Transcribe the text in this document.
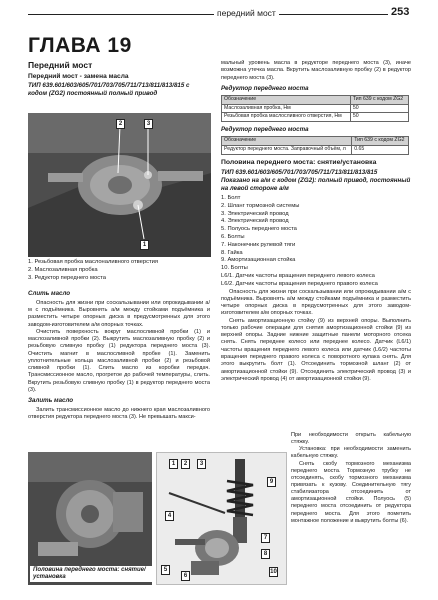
передний мост	253
ГЛАВА 19
Передний мост
Передний мост - замена масла
ТИП 639.601/603/605/701/703/705/711/713/811/813/815 с кодом (ZG2) постоянный полный привод
2	3
1
1. Резьбовая пробка маслоналивного отверстия
2. Маслозаливная пробка
3. Редуктор переднего моста
Слить масло

Опасность для жизни при соскальзывании или опрокидывании а/м с подъёмника. Выровнять а/м между стойками подъёмника и разместить четыре опорных диска в предусмотренных для этого заводом-изготовителем а/м опорных точках.

Очистить поверхность вокруг маслосливной пробки (1) и маслозаливной пробки (2). Выкрутить маслозаливную пробку (2) и резьбовую сливную пробку (1) редуктора переднего моста (3). Очистить магнит в маслосливной пробке (1). Заменить уплотнительные кольца маслозаливной пробки (2) и резьбовой сливной пробки (1). Слить масло из коробки передач. Трансмиссионное масло, прогретое до рабочей температуры, слить. Вкрутить резьбовую сливную пробку (1) в редуктор переднего моста (3).

Залить масло

Залить трансмиссионное масло до нижнего края маслозаливного отверстия редуктора переднего моста (3). Не превышать макси-

мальный уровень масла в редукторе переднего моста (3), иначе возможна утечка масла. Вкрутить маслозаливную пробку (2) в редуктор переднего моста (3).

Редуктор переднего моста
Обозначение	Тип 639 с кодом ZG2
Маслозаливная пробка, Нм	50
Резьбовая пробка маслосливного отверстия, Нм	50
Редуктор переднего моста
Обозначение	Тип 639 с кодом ZG2
Редуктор переднего моста. Заправочный объём, л	0.65
Половина переднего моста: снятие/установка
ТИП 639.601/603/605/701/703/705/711/713/811/813/815
Показано на а/м с кодом (ZG2): полный привод, постоянный на левой стороне а/м
1. Болт
2. Шланг тормозной системы
3. Электрический провод
4. Электрический провод
5. Полуось переднего моста
6. Болты
7. Наконечник рулевой тяги
8. Гайка
9. Амортизационная стойка
10. Болты
L6/1. Датчик частоты вращения переднего левого колеса
L6/2. Датчик частоты вращения переднего правого колеса

Опасность для жизни при соскальзывании или опрокидывании а/м с подъёмника. Выровнять а/м между стойками подъёмника и разместить четыре опорных диска в предусмотренных для этого заводом-изготовителем а/м опорных точках.

Снять амортизационную стойку (9) из верхней опоры. Выполнить только рабочие операции для снятия амортизационной стойки (9) из верхней опоры. Задние нижние защитные панели моторного отсека снять. Снять переднее колесо или переднее колесо. Датчик (L6/1) частоты вращения переднего левого колеса или датчик (L6/2) частоты вращения переднего правого колеса с поворотного кулака снять. Для этого выкрутить болт (1). Отсоединить тормозной шланг (2) от амортизационной стойки (9). Отсоединить электрический провод (3) и электрический провод (4) от амортизационной стойки (9).

Половина переднего моста: снятие/установка
1	2	3
4
5
6
7
8
9
10

При необходимости открыть кабельную стяжку.

Установка: при необходимости заменить кабельную стяжку.

Снять скобу тормозного механизма переднего моста. Тормозную трубку не отсоединять, скобу тормозного механизма привязать к кузову. Соединительную тягу стабилизатора отсоединить от амортизационной стойки. Полуось (5) переднего моста отсоединить от редуктора переднего моста. Для этого пометить монтажное положение и выкрутить болты (6).
